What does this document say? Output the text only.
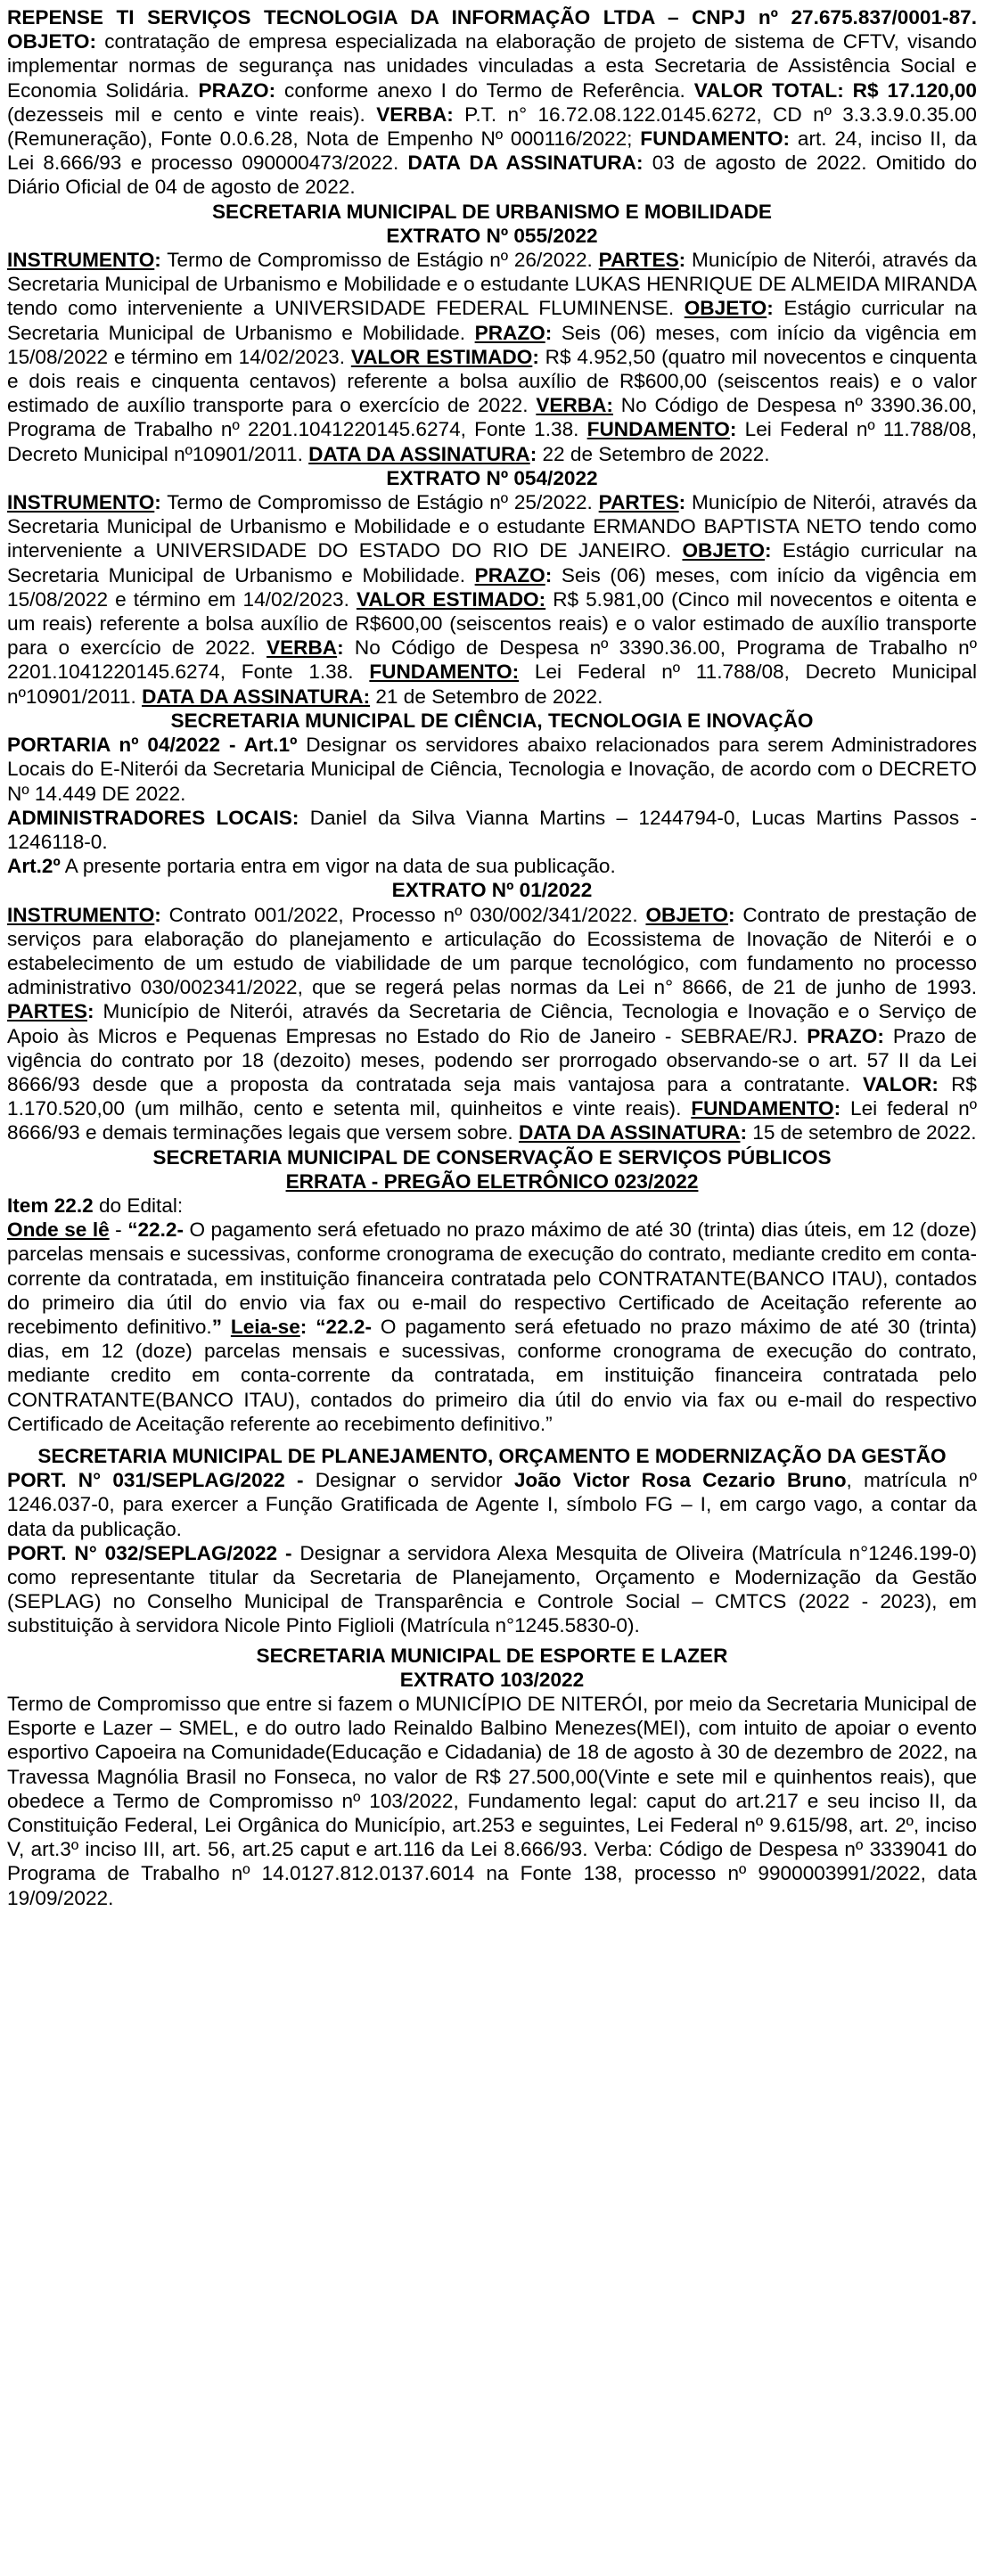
REPENSE TI SERVIÇOS TECNOLOGIA DA INFORMAÇÃO LTDA – CNPJ nº 27.675.837/0001-87. OBJETO: contratação de empresa especializada na elaboração de projeto de sistema de CFTV, visando implementar normas de segurança nas unidades vinculadas a esta Secretaria de Assistência Social e Economia Solidária. PRAZO: conforme anexo I do Termo de Referência. VALOR TOTAL: R$ 17.120,00 (dezesseis mil e cento e vinte reais). VERBA: P.T. n° 16.72.08.122.0145.6272, CD nº 3.3.3.9.0.35.00 (Remuneração), Fonte 0.0.6.28, Nota de Empenho Nº 000116/2022; FUNDAMENTO: art. 24, inciso II, da Lei 8.666/93 e processo 090000473/2022. DATA DA ASSINATURA: 03 de agosto de 2022. Omitido do Diário Oficial de 04 de agosto de 2022.

SECRETARIA MUNICIPAL DE URBANISMO E MOBILIDADE
EXTRATO Nº 055/2022

INSTRUMENTO: Termo de Compromisso de Estágio nº 26/2022. PARTES: Município de Niterói, através da Secretaria Municipal de Urbanismo e Mobilidade e o estudante LUKAS HENRIQUE DE ALMEIDA MIRANDA tendo como interveniente a UNIVERSIDADE FEDERAL FLUMINENSE. OBJETO: Estágio curricular na Secretaria Municipal de Urbanismo e Mobilidade. PRAZO: Seis (06) meses, com início da vigência em 15/08/2022 e término em 14/02/2023. VALOR ESTIMADO: R$ 4.952,50 (quatro mil novecentos e cinquenta e dois reais e cinquenta centavos) referente a bolsa auxílio de R$600,00 (seiscentos reais) e o valor estimado de auxílio transporte para o exercício de 2022. VERBA: No Código de Despesa nº 3390.36.00, Programa de Trabalho nº 2201.1041220145.6274, Fonte 1.38. FUNDAMENTO: Lei Federal nº 11.788/08, Decreto Municipal nº10901/2011. DATA DA ASSINATURA: 22 de Setembro de 2022.

EXTRATO Nº 054/2022

INSTRUMENTO: Termo de Compromisso de Estágio nº 25/2022. PARTES: Município de Niterói, através da Secretaria Municipal de Urbanismo e Mobilidade e o estudante ERMANDO BAPTISTA NETO tendo como interveniente a UNIVERSIDADE DO ESTADO DO RIO DE JANEIRO. OBJETO: Estágio curricular na Secretaria Municipal de Urbanismo e Mobilidade. PRAZO: Seis (06) meses, com início da vigência em 15/08/2022 e término em 14/02/2023. VALOR ESTIMADO: R$ 5.981,00 (Cinco mil novecentos e oitenta e um reais) referente a bolsa auxílio de R$600,00 (seiscentos reais) e o valor estimado de auxílio transporte para o exercício de 2022. VERBA: No Código de Despesa nº 3390.36.00, Programa de Trabalho nº 2201.1041220145.6274, Fonte 1.38. FUNDAMENTO: Lei Federal nº 11.788/08, Decreto Municipal nº10901/2011. DATA DA ASSINATURA: 21 de Setembro de 2022.

SECRETARIA MUNICIPAL DE CIÊNCIA, TECNOLOGIA E INOVAÇÃO

PORTARIA nº 04/2022 - Art.1º Designar os servidores abaixo relacionados para serem Administradores Locais do E-Niterói da Secretaria Municipal de Ciência, Tecnologia e Inovação, de acordo com o DECRETO Nº 14.449 DE 2022.

ADMINISTRADORES LOCAIS: Daniel da Silva Vianna Martins – 1244794-0, Lucas Martins Passos - 1246118-0.

Art.2º A presente portaria entra em vigor na data de sua publicação.

EXTRATO Nº 01/2022

INSTRUMENTO: Contrato 001/2022, Processo nº 030/002/341/2022. OBJETO: Contrato de prestação de serviços para elaboração do planejamento e articulação do Ecossistema de Inovação de Niterói e o estabelecimento de um estudo de viabilidade de um parque tecnológico, com fundamento no processo administrativo 030/002341/2022, que se regerá pelas normas da Lei n° 8666, de 21 de junho de 1993. PARTES: Município de Niterói, através da Secretaria de Ciência, Tecnologia e Inovação e o Serviço de Apoio às Micros e Pequenas Empresas no Estado do Rio de Janeiro - SEBRAE/RJ. PRAZO: Prazo de vigência do contrato por 18 (dezoito) meses, podendo ser prorrogado observando-se o art. 57 II da Lei 8666/93 desde que a proposta da contratada seja mais vantajosa para a contratante. VALOR: R$ 1.170.520,00 (um milhão, cento e setenta mil, quinheitos e vinte reais). FUNDAMENTO: Lei federal nº 8666/93 e demais terminações legais que versem sobre. DATA DA ASSINATURA: 15 de setembro de 2022.

SECRETARIA MUNICIPAL DE CONSERVAÇÃO E SERVIÇOS PÚBLICOS
ERRATA - PREGÃO ELETRÔNICO 023/2022

Item 22.2 do Edital:

Onde se lê - “22.2- O pagamento será efetuado no prazo máximo de até 30 (trinta) dias úteis, em 12 (doze) parcelas mensais e sucessivas, conforme cronograma de execução do contrato, mediante credito em conta-corrente da contratada, em instituição financeira contratada pelo CONTRATANTE(BANCO ITAU), contados do primeiro dia útil do envio via fax ou e-mail do respectivo Certificado de Aceitação referente ao recebimento definitivo.” Leia-se: “22.2- O pagamento será efetuado no prazo máximo de até 30 (trinta) dias, em 12 (doze) parcelas mensais e sucessivas, conforme cronograma de execução do contrato, mediante credito em conta-corrente da contratada, em instituição financeira contratada pelo CONTRATANTE(BANCO ITAU), contados do primeiro dia útil do envio via fax ou e-mail do respectivo Certificado de Aceitação referente ao recebimento definitivo.”

SECRETARIA MUNICIPAL DE PLANEJAMENTO, ORÇAMENTO E MODERNIZAÇÃO DA GESTÃO

PORT. N° 031/SEPLAG/2022 - Designar o servidor João Victor Rosa Cezario Bruno, matrícula nº 1246.037-0, para exercer a Função Gratificada de Agente I, símbolo FG – I, em cargo vago, a contar da data da publicação.

PORT. N° 032/SEPLAG/2022 - Designar a servidora Alexa Mesquita de Oliveira (Matrícula n°1246.199-0) como representante titular da Secretaria de Planejamento, Orçamento e Modernização da Gestão (SEPLAG) no Conselho Municipal de Transparência e Controle Social – CMTCS (2022 - 2023), em substituição à servidora Nicole Pinto Figlioli (Matrícula n°1245.5830-0).

SECRETARIA MUNICIPAL DE ESPORTE E LAZER
EXTRATO 103/2022

Termo de Compromisso que entre si fazem o MUNICÍPIO DE NITERÓI, por meio da Secretaria Municipal de Esporte e Lazer – SMEL, e do outro lado Reinaldo Balbino Menezes(MEI), com intuito de apoiar o evento esportivo Capoeira na Comunidade(Educação e Cidadania) de 18 de agosto à 30 de dezembro de 2022, na Travessa Magnólia Brasil no Fonseca, no valor de R$ 27.500,00(Vinte e sete mil e quinhentos reais), que obedece a Termo de Compromisso nº 103/2022, Fundamento legal: caput do art.217 e seu inciso II, da Constituição Federal, Lei Orgânica do Município, art.253 e seguintes, Lei Federal nº 9.615/98, art. 2º, inciso V, art.3º inciso III, art. 56, art.25 caput e art.116 da Lei 8.666/93. Verba: Código de Despesa nº 3339041 do Programa de Trabalho nº 14.0127.812.0137.6014 na Fonte 138, processo nº 9900003991/2022, data 19/09/2022.
